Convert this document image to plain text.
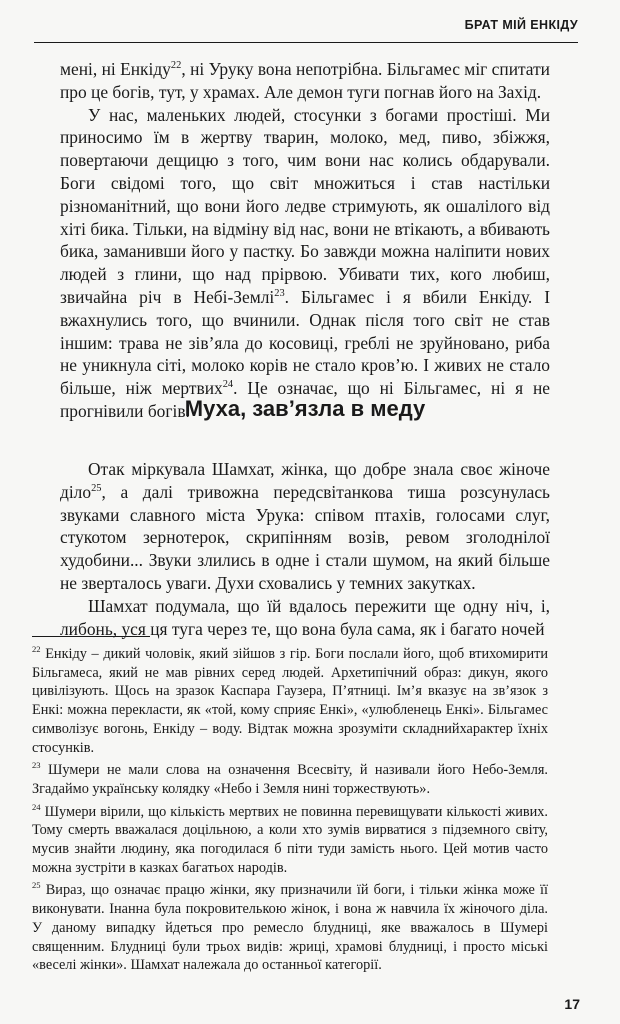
БРАТ МІЙ ЕНКІДУ

мені, ні Енкіду$^{22}$, ні Уруку вона непотрібна. Більгамес міг спитати про це богів, тут, у храмах. Але демон туги погнав його на Захід.

У нас, маленьких людей, стосунки з богами простіші. Ми приносимо їм в жертву тварин, молоко, мед, пиво, збіжжя, повертаючи дещицю з того, чим вони нас колись обдарували. Боги свідомі того, що світ множиться і став настільки різноманітний, що вони його ледве стримують, як ошалілого від хіті бика. Тільки, на відміну від нас, вони не втікають, а вбивають бика, заманивши його у пастку. Бо завжди можна наліпити нових людей з глини, що над прірвою. Убивати тих, кого любиш, звичайна річ в Небі-Землі$^{23}$. Більгамес і я вбили Енкіду. І вжахнулись того, що вчинили. Однак після того світ не став іншим: трава не зів’яла до косовиці, греблі не зруйновано, риба не уникнула сіті, молоко корів не стало кров’ю. І живих не стало більше, ніж мертвих$^{24}$. Це означає, що ні Більгамес, ні я не прогнівили богів.

Муха, зав’язла в меду

Отак міркувала Шамхат, жінка, що добре знала своє жіноче діло$^{25}$, а далі тривожна передсвітанкова тиша розсунулась звуками славного міста Урука: співом птахів, голосами слуг, стукотом зернотерок, скрипінням возів, ревом зголоднілої худобини... Звуки злились в одне і стали шумом, на який більше не зверталось уваги. Духи сховались у темних закутках.

Шамхат подумала, що їй вдалось пережити ще одну ніч, і, либонь, уся ця туга через те, що вона була сама, як і багато ночей

$^{22}$ Енкіду – дикий чоловік, який зійшов з гір. Боги послали його, щоб втихомирити Більгамеса, який не мав рівних серед людей. Архетипічний образ: дикун, якого цивілізують. Щось на зразок Каспара Гаузера, П’ятниці. Ім’я вказує на зв’язок з Енкі: можна перекласти, як «той, кому сприяє Енкі», «улюбленець Енкі». Більгамес символізує вогонь, Енкіду – воду. Відтак можна зрозуміти складнийхарактер їхніх стосунків.

$^{23}$ Шумери не мали слова на означення Всесвіту, й називали його Небо-Земля. Згадаймо українську колядку «Небо і Земля нині торжествують».

$^{24}$ Шумери вірили, що кількість мертвих не повинна перевищувати кількості живих. Тому смерть вважалася доцільною, а коли хто зумів вирватися з підземного світу, мусив знайти людину, яка погодилася б піти туди замість нього. Цей мотив часто можна зустріти в казках багатьох народів.

$^{25}$ Вираз, що означає працю жінки, яку призначили їй боги, і тільки жінка може її виконувати. Інанна була покровителькою жінок, і вона ж навчила їх жіночого діла. У даному випадку йдеться про ремесло блудниці, яке вважалось в Шумері священним. Блудниці були трьох видів: жриці, храмові блудниці, і просто міські «веселі жінки». Шамхат належала до останньої категорії.

17
